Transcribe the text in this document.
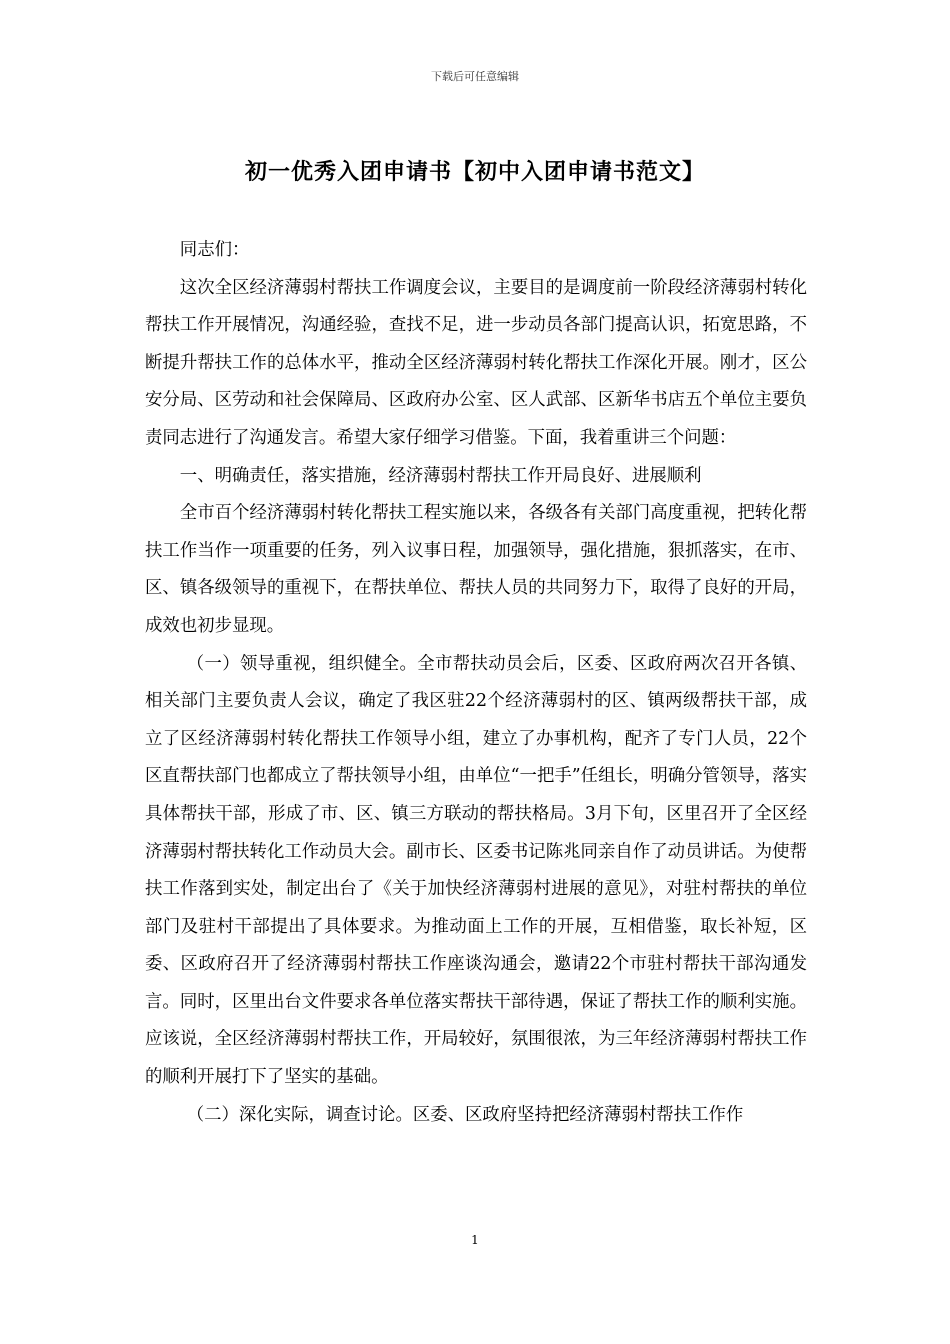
下载后可任意编辑
初一优秀入团申请书【初中入团申请书范文】

同志们：

这次全区经济薄弱村帮扶工作调度会议，主要目的是调度前一阶段经济薄弱村转化帮扶工作开展情况，沟通经验，查找不足，进一步动员各部门提高认识，拓宽思路，不断提升帮扶工作的总体水平，推动全区经济薄弱村转化帮扶工作深化开展。刚才，区公安分局、区劳动和社会保障局、区政府办公室、区人武部、区新华书店五个单位主要负责同志进行了沟通发言。希望大家仔细学习借鉴。下面，我着重讲三个问题：

一、明确责任，落实措施，经济薄弱村帮扶工作开局良好、进展顺利

全市百个经济薄弱村转化帮扶工程实施以来，各级各有关部门高度重视，把转化帮扶工作当作一项重要的任务，列入议事日程，加强领导，强化措施，狠抓落实，在市、区、镇各级领导的重视下，在帮扶单位、帮扶人员的共同努力下，取得了良好的开局，成效也初步显现。

（一）领导重视，组织健全。全市帮扶动员会后，区委、区政府两次召开各镇、相关部门主要负责人会议，确定了我区驻22个经济薄弱村的区、镇两级帮扶干部，成立了区经济薄弱村转化帮扶工作领导小组，建立了办事机构，配齐了专门人员，22个区直帮扶部门也都成立了帮扶领导小组，由单位“一把手”任组长，明确分管领导，落实具体帮扶干部，形成了市、区、镇三方联动的帮扶格局。3月下旬，区里召开了全区经济薄弱村帮扶转化工作动员大会。副市长、区委书记陈兆同亲自作了动员讲话。为使帮扶工作落到实处，制定出台了《关于加快经济薄弱村进展的意见》，对驻村帮扶的单位部门及驻村干部提出了具体要求。为推动面上工作的开展，互相借鉴，取长补短，区委、区政府召开了经济薄弱村帮扶工作座谈沟通会，邀请22个市驻村帮扶干部沟通发言。同时，区里出台文件要求各单位落实帮扶干部待遇，保证了帮扶工作的顺利实施。应该说，全区经济薄弱村帮扶工作，开局较好，氛围很浓，为三年经济薄弱村帮扶工作的顺利开展打下了坚实的基础。

（二）深化实际，调查讨论。区委、区政府坚持把经济薄弱村帮扶工作作

1
